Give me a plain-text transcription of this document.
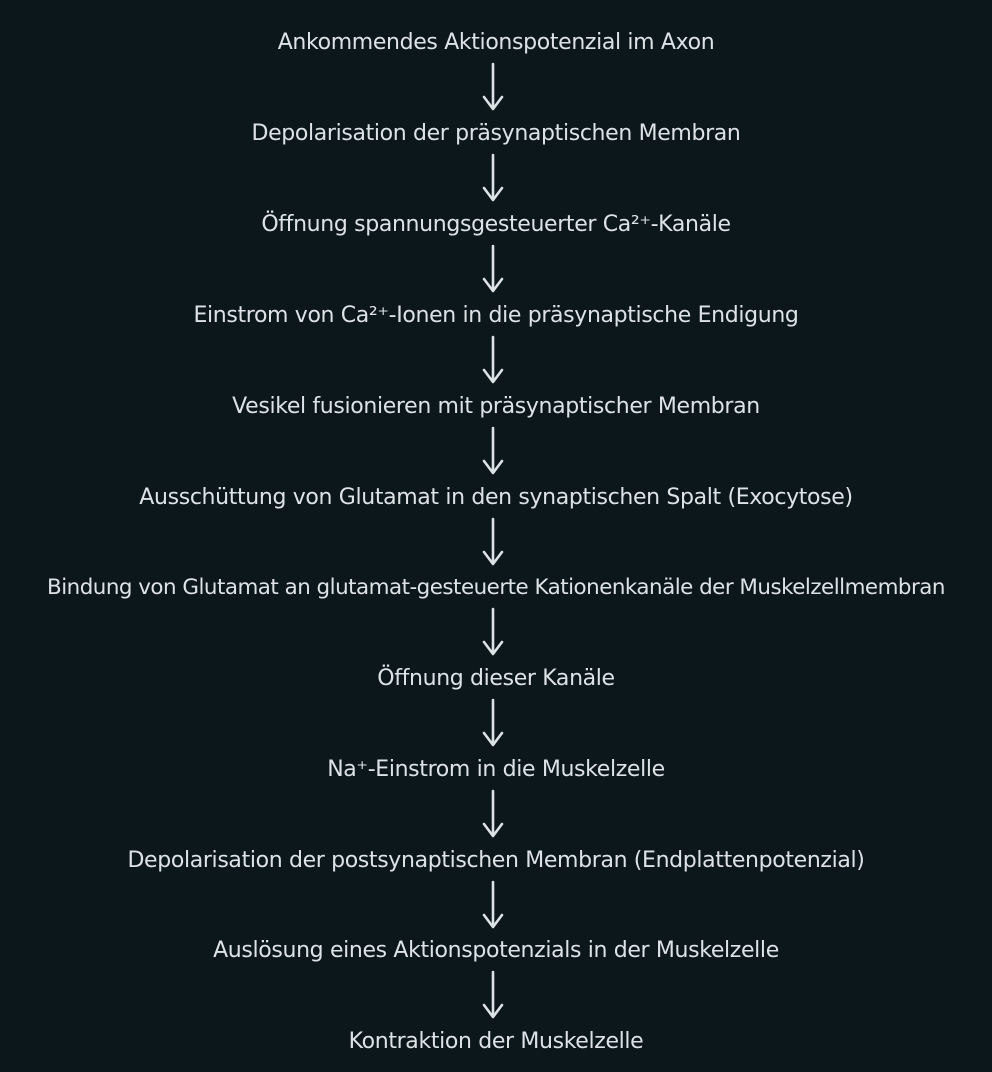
Ankommendes Aktionspotenzial im Axon
Depolarisation der präsynaptischen Membran
Öffnung spannungsgesteuerter Ca²⁺-Kanäle
Einstrom von Ca²⁺-Ionen in die präsynaptische Endigung
Vesikel fusionieren mit präsynaptischer Membran
Ausschüttung von Glutamat in den synaptischen Spalt (Exocytose)
Bindung von Glutamat an glutamat-gesteuerte Kationenkanäle der Muskelzellmembran
Öffnung dieser Kanäle
Na⁺-Einstrom in die Muskelzelle
Depolarisation der postsynaptischen Membran (Endplattenpotenzial)
Auslösung eines Aktionspotenzials in der Muskelzelle
Kontraktion der Muskelzelle
